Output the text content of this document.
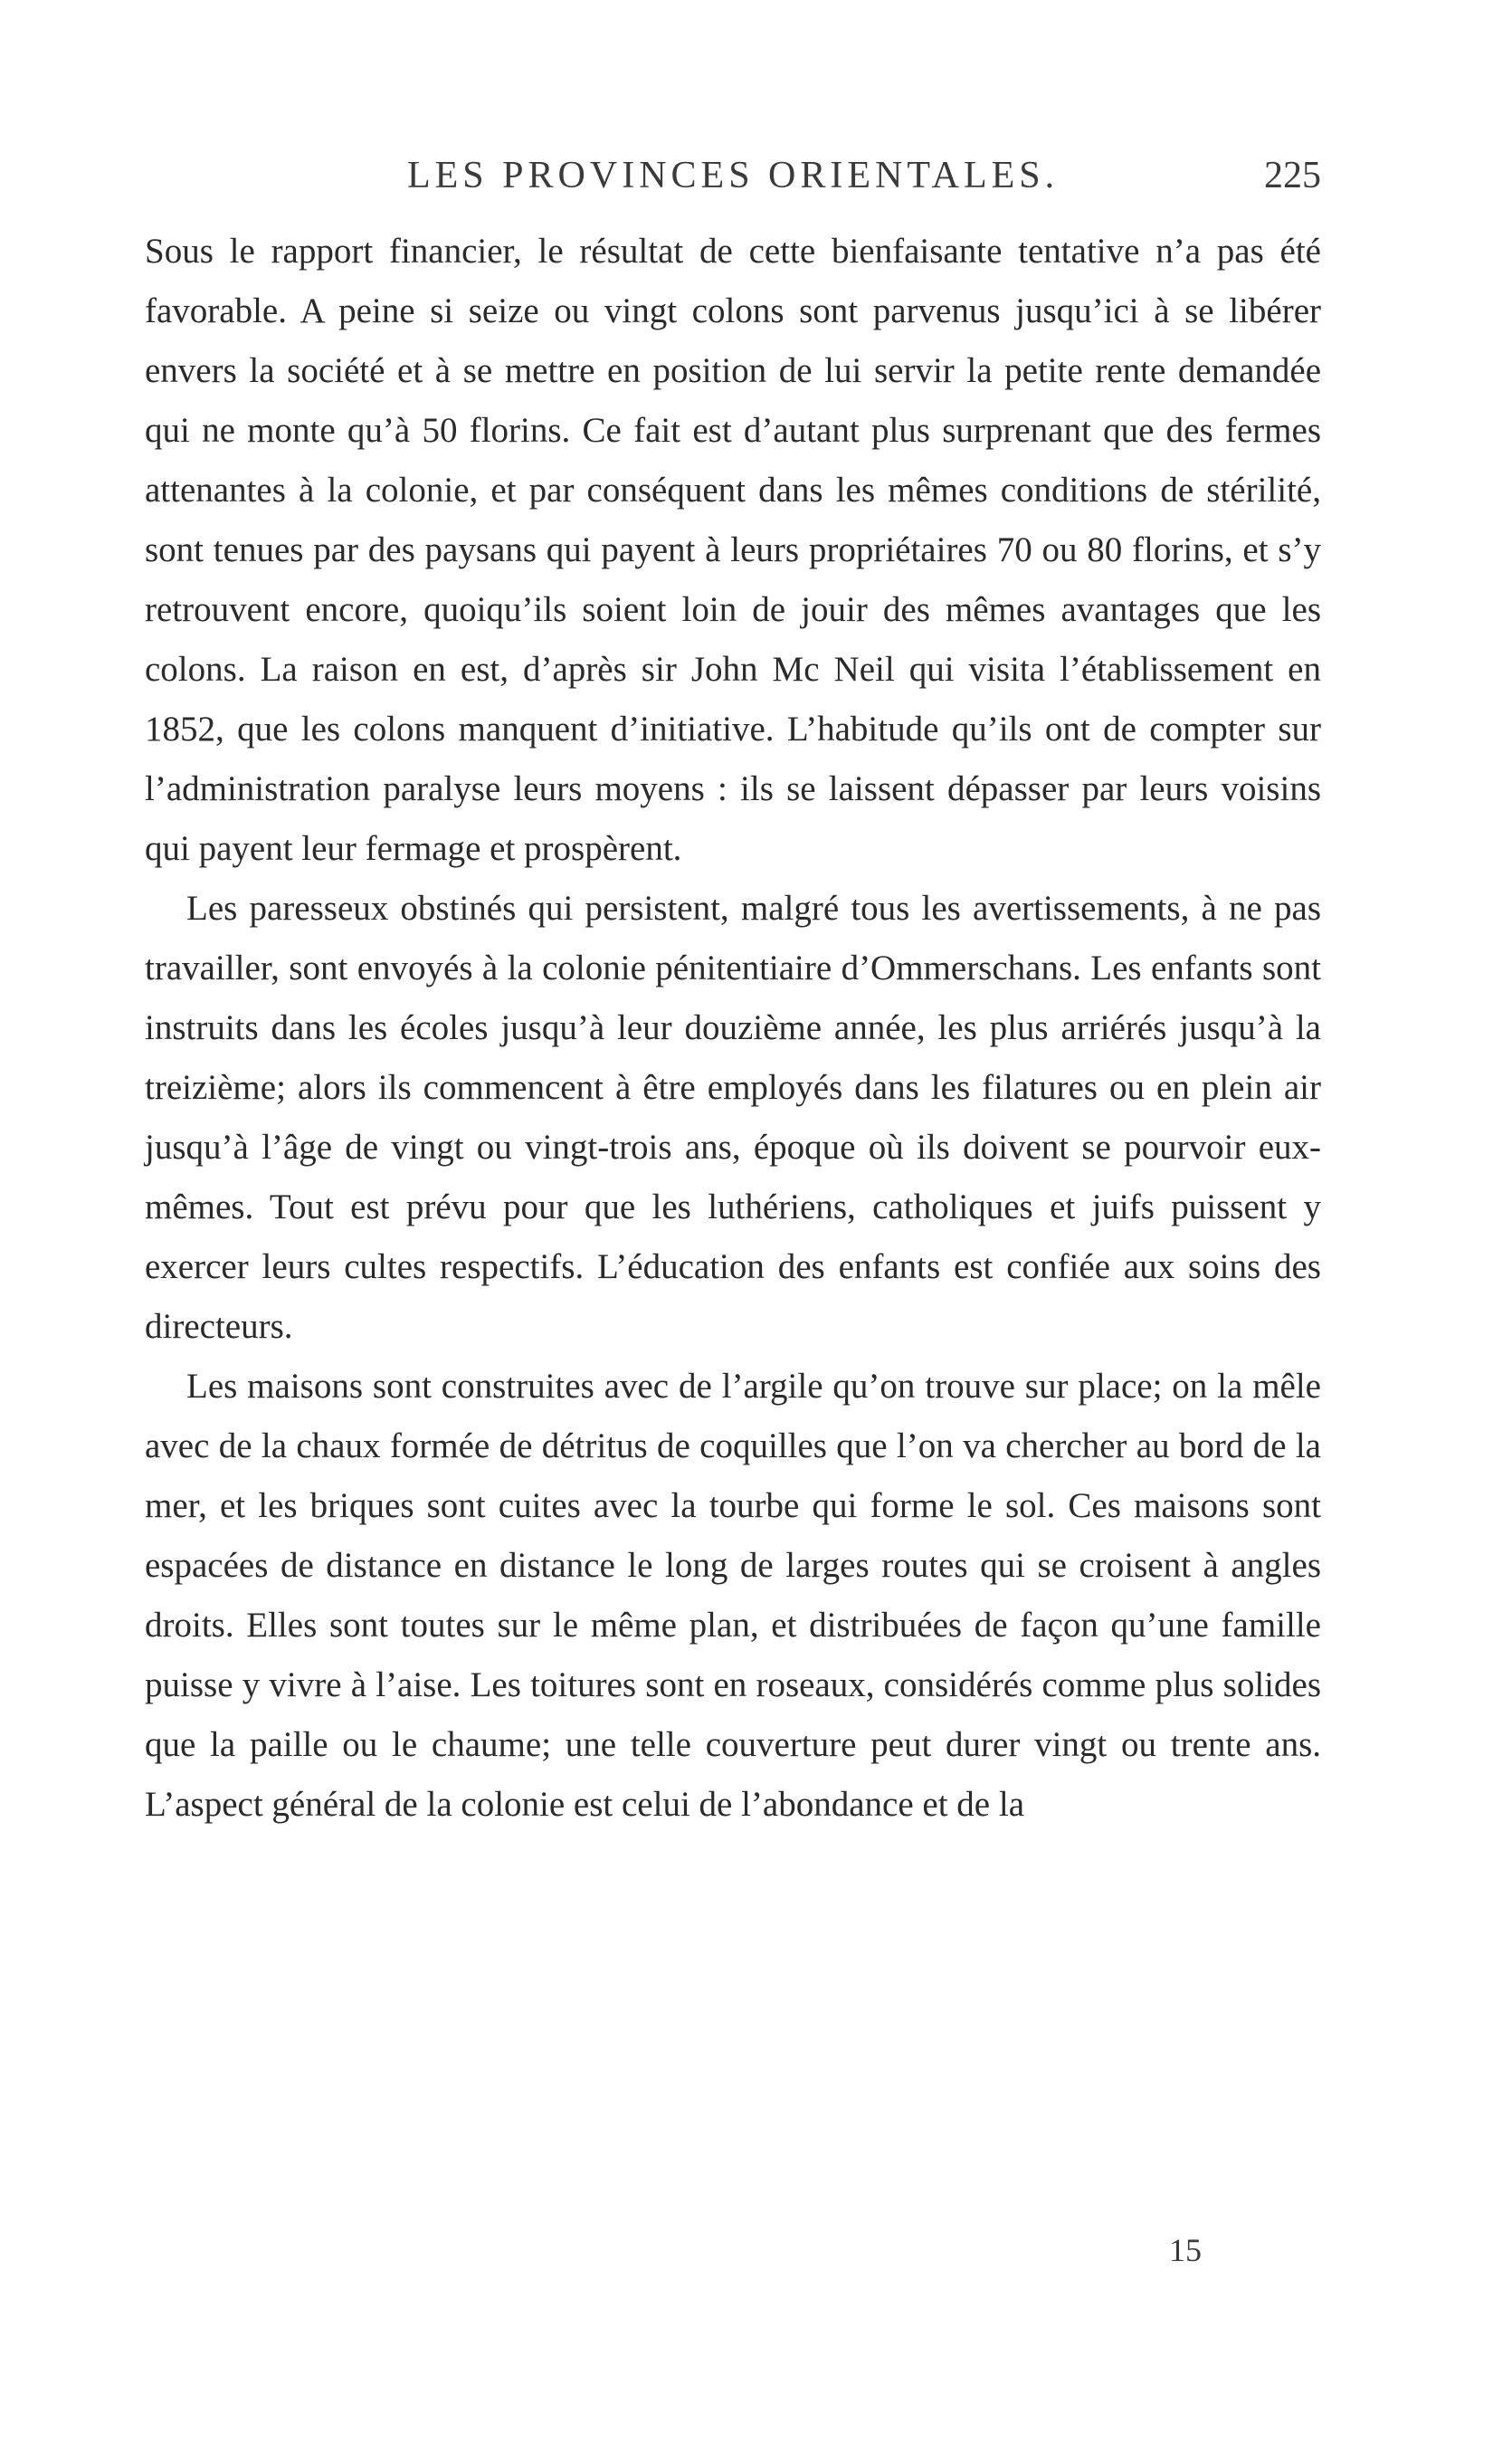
LES PROVINCES ORIENTALES.	225

Sous le rapport financier, le résultat de cette bienfaisante tentative n’a pas été favorable. A peine si seize ou vingt colons sont parvenus jusqu’ici à se libérer envers la société et à se mettre en position de lui servir la petite rente demandée qui ne monte qu’à 50 florins. Ce fait est d’autant plus surprenant que des fermes attenantes à la colonie, et par conséquent dans les mêmes conditions de stérilité, sont tenues par des paysans qui payent à leurs propriétaires 70 ou 80 florins, et s’y retrouvent encore, quoiqu’ils soient loin de jouir des mêmes avantages que les colons. La raison en est, d’après sir John Mc Neil qui visita l’établissement en 1852, que les colons manquent d’initiative. L’habitude qu’ils ont de compter sur l’administration paralyse leurs moyens : ils se laissent dépasser par leurs voisins qui payent leur fermage et prospèrent.

Les paresseux obstinés qui persistent, malgré tous les avertissements, à ne pas travailler, sont envoyés à la colonie pénitentiaire d’Ommerschans. Les enfants sont instruits dans les écoles jusqu’à leur douzième année, les plus arriérés jusqu’à la treizième; alors ils commencent à être employés dans les filatures ou en plein air jusqu’à l’âge de vingt ou vingt-trois ans, époque où ils doivent se pourvoir eux-mêmes. Tout est prévu pour que les luthériens, catholiques et juifs puissent y exercer leurs cultes respectifs. L’éducation des enfants est confiée aux soins des directeurs.

Les maisons sont construites avec de l’argile qu’on trouve sur place; on la mêle avec de la chaux formée de détritus de coquilles que l’on va chercher au bord de la mer, et les briques sont cuites avec la tourbe qui forme le sol. Ces maisons sont espacées de distance en distance le long de larges routes qui se croisent à angles droits. Elles sont toutes sur le même plan, et distribuées de façon qu’une famille puisse y vivre à l’aise. Les toitures sont en roseaux, considérés comme plus solides que la paille ou le chaume; une telle couverture peut durer vingt ou trente ans. L’aspect général de la colonie est celui de l’abondance et de la

15
